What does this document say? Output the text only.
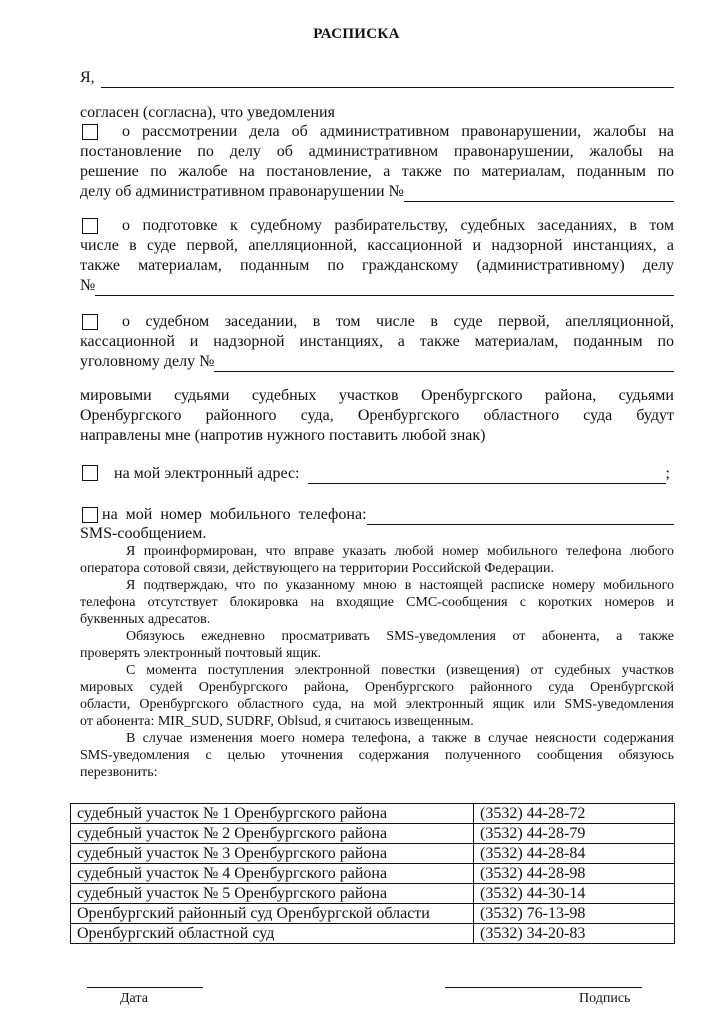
РАСПИСКА
Я,
согласен (согласна), что уведомления
о рассмотрении дела об административном правонарушении, жалобы на
постановление по делу об административном правонарушении, жалобы на
решение по жалобе на постановление, а также по материалам, поданным по
делу об административном правонарушении №
о подготовке к судебному разбирательству, судебных заседаниях, в том
числе в суде первой, апелляционной, кассационной и надзорной инстанциях, а
также материалам, поданным по гражданскому (административному) делу
№
о судебном заседании, в том числе в суде первой, апелляционной,
кассационной и надзорной инстанциях, а также материалам, поданным по
уголовному делу №
мировыми судьями судебных участков Оренбургского района, судьями
Оренбургского районного суда, Оренбургского областного суда будут
направлены мне (напротив нужного поставить любой знак)
на мой электронный адрес:	;
на мой номер мобильного телефона:
SMS-сообщением.
Я проинформирован, что вправе указать любой номер мобильного телефона любого
оператора сотовой связи, действующего на территории Российской Федерации.
Я подтверждаю, что по указанному мною в настоящей расписке номеру мобильного
телефона отсутствует блокировка на входящие СМС-сообщения с коротких номеров и
буквенных адресатов.
Обязуюсь ежедневно просматривать SMS-уведомления от абонента, а также
проверять электронный почтовый ящик.
С момента поступления электронной повестки (извещения) от судебных участков
мировых судей Оренбургского района, Оренбургского районного суда Оренбургской
области, Оренбургского областного суда, на мой электронный ящик или SMS-уведомления
от абонента: MIR_SUD, SUDRF, Oblsud, я считаюсь извещенным.
В случае изменения моего номера телефона, а также в случае неясности содержания
SMS-уведомления с целью уточнения содержания полученного сообщения обязуюсь
перезвонить:
судебный участок № 1 Оренбургского района	(3532) 44-28-72
судебный участок № 2 Оренбургского района	(3532) 44-28-79
судебный участок № 3 Оренбургского района	(3532) 44-28-84
судебный участок № 4 Оренбургского района	(3532) 44-28-98
судебный участок № 5 Оренбургского района	(3532) 44-30-14
Оренбургский районный суд Оренбургской области	(3532) 76-13-98
Оренбургский областной суд	(3532) 34-20-83
Дата	Подпись
